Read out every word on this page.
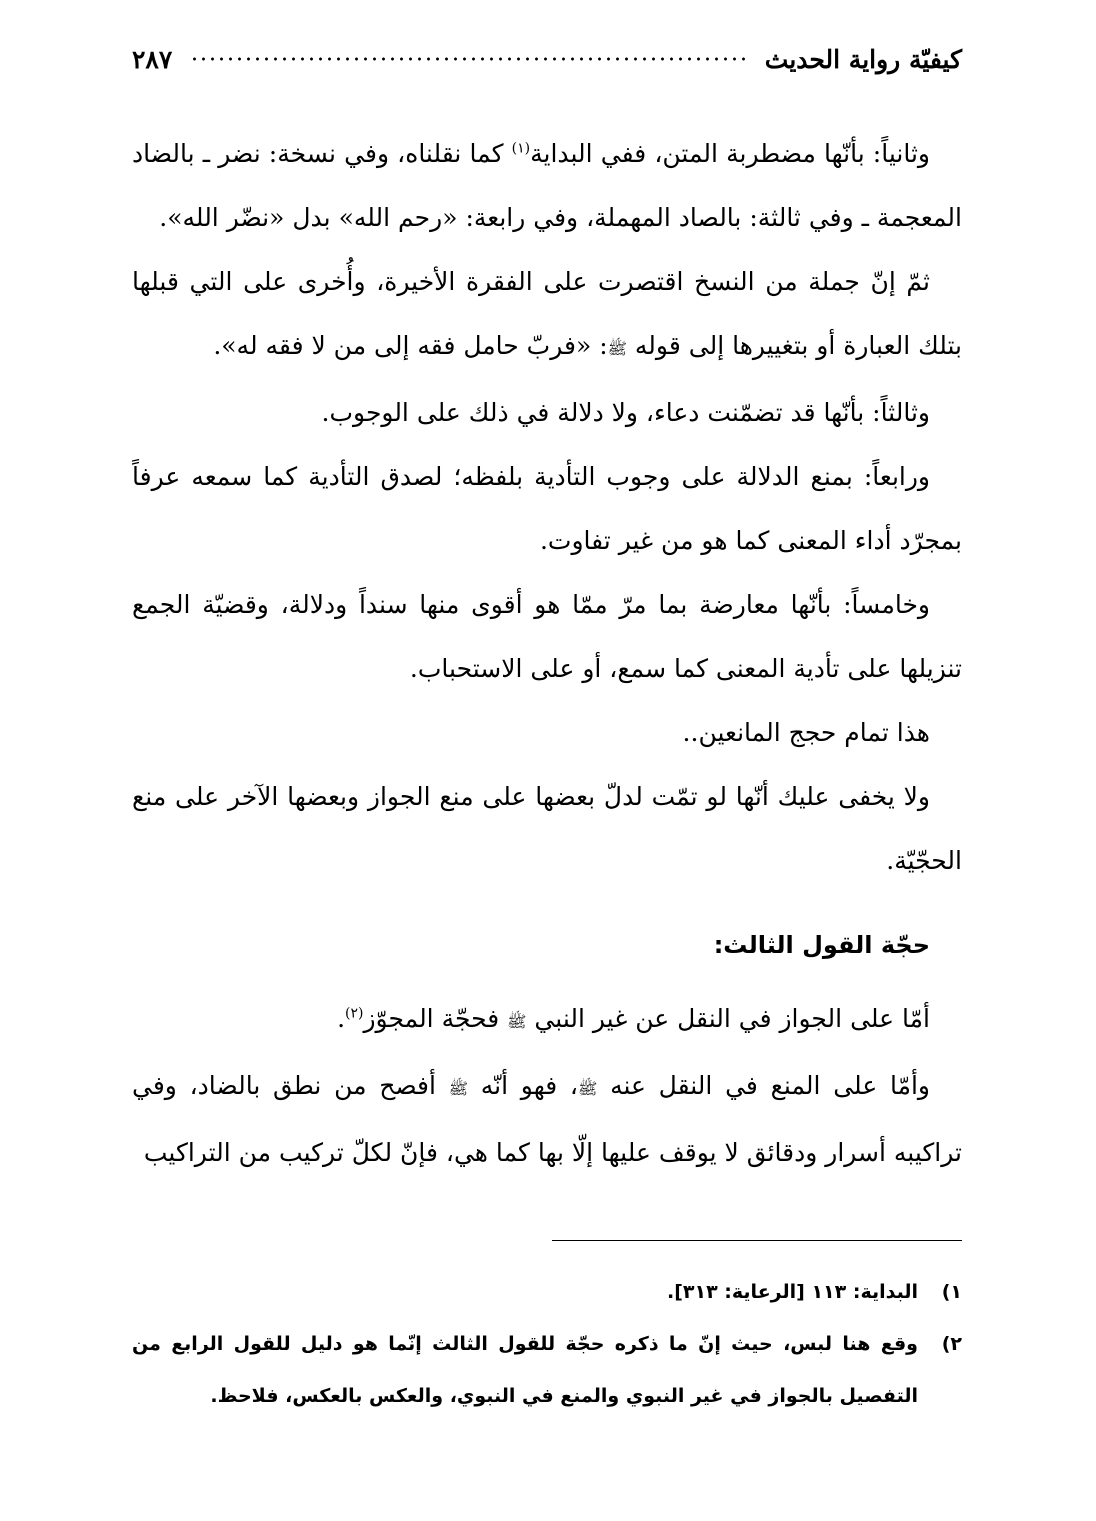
كيفيّة رواية الحديث
٢٨٧

وثانياً: بأنّها مضطربة المتن، ففي البداية$^{(١)}$ كما نقلناه، وفي نسخة: نضر ـ بالضاد المعجمة ـ وفي ثالثة: بالصاد المهملة، وفي رابعة: «رحم الله» بدل «نضّر الله».

ثمّ إنّ جملة من النسخ اقتصرت على الفقرة الأخيرة، وأُخرى على التي قبلها بتلك العبارة أو بتغييرها إلى قوله ﷺ: «فربّ حامل فقه إلى من لا فقه له».

وثالثاً: بأنّها قد تضمّنت دعاء، ولا دلالة في ذلك على الوجوب.

ورابعاً: بمنع الدلالة على وجوب التأدية بلفظه؛ لصدق التأدية كما سمعه عرفاً بمجرّد أداء المعنى كما هو من غير تفاوت.

وخامساً: بأنّها معارضة بما مرّ ممّا هو أقوى منها سنداً ودلالة، وقضيّة الجمع تنزيلها على تأدية المعنى كما سمع، أو على الاستحباب.

هذا تمام حجج المانعين..

ولا يخفى عليك أنّها لو تمّت لدلّ بعضها على منع الجواز وبعضها الآخر على منع الحجّيّة.

حجّة القول الثالث:

أمّا على الجواز في النقل عن غير النبي ﷺ فحجّة المجوّز$^{(٢)}$.

وأمّا على المنع في النقل عنه ﷺ، فهو أنّه ﷺ أفصح من نطق بالضاد، وفي تراكيبه أسرار ودقائق لا يوقف عليها إلّا بها كما هي، فإنّ لكلّ تركيب من التراكيب

١)البداية: ١١٣ [الرعاية: ٣١٣].

٢)وقع هنا لبس، حيث إنّ ما ذكره حجّة للقول الثالث إنّما هو دليل للقول الرابع من التفصيل بالجواز في غير النبوي والمنع في النبوي، والعكس بالعكس، فلاحظ.
